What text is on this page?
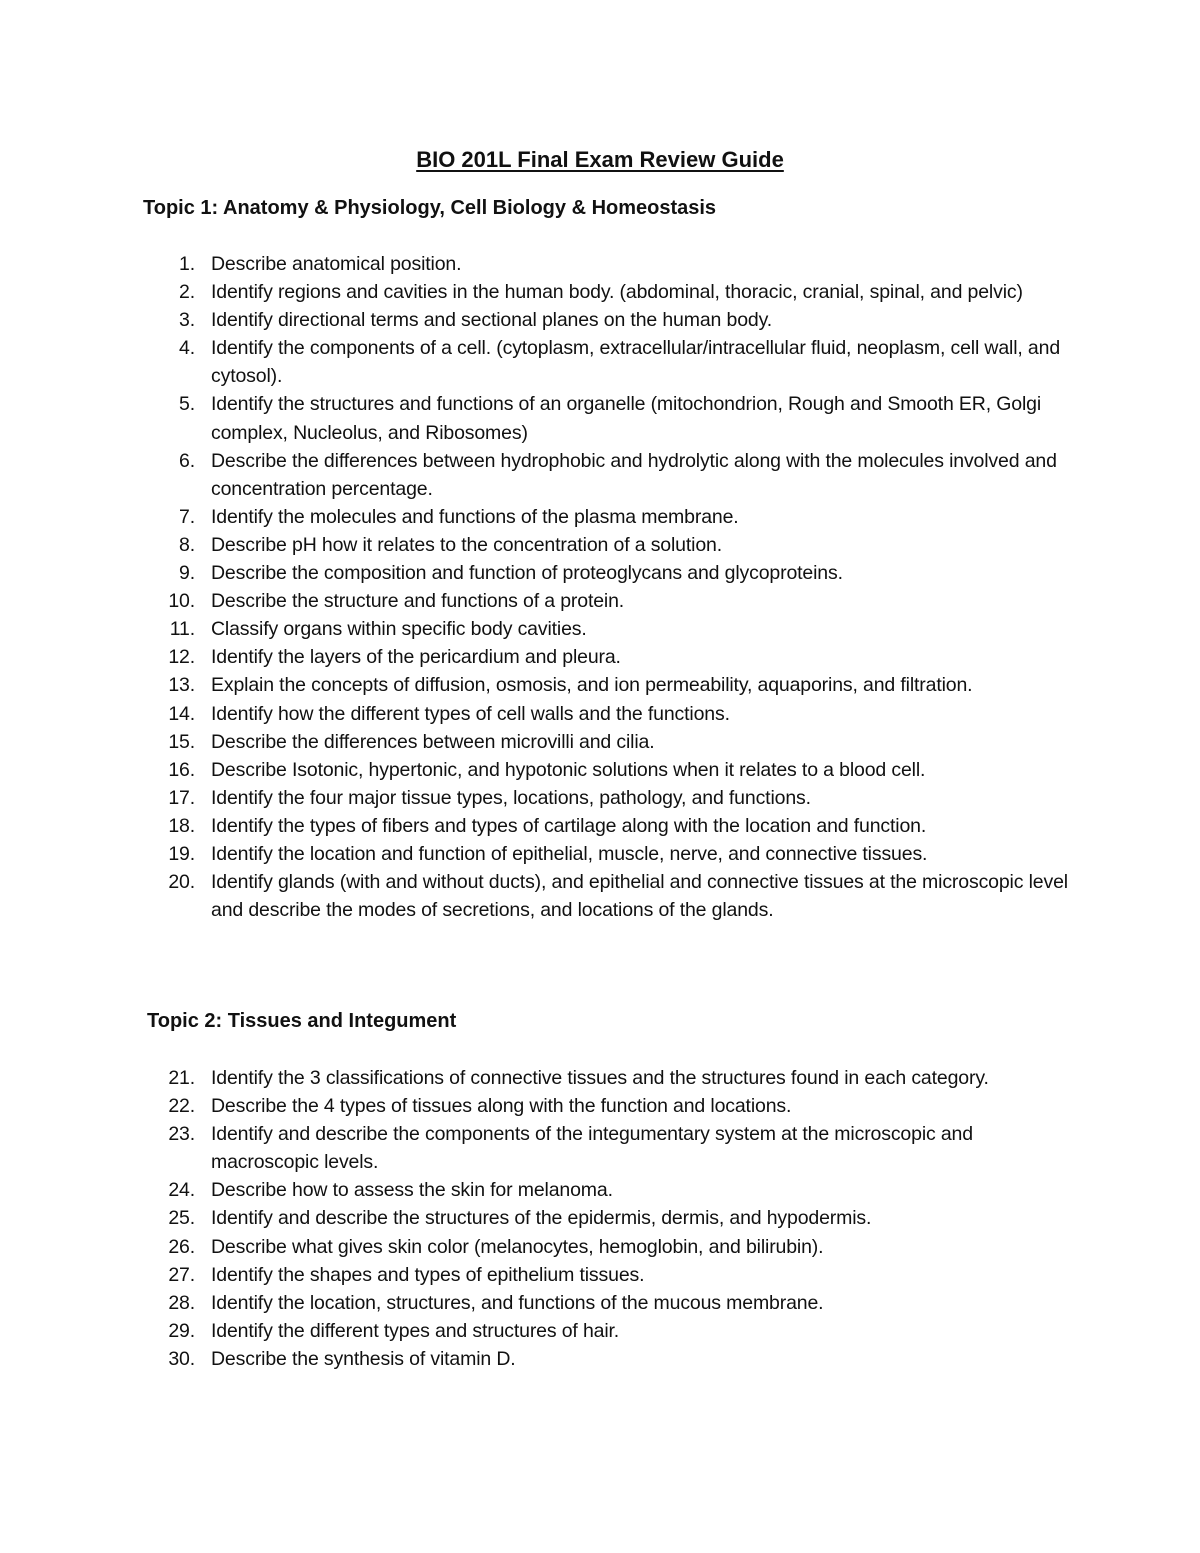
BIO 201L Final Exam Review Guide
Topic 1: Anatomy & Physiology, Cell Biology & Homeostasis
1. Describe anatomical position.
2. Identify regions and cavities in the human body. (abdominal, thoracic, cranial, spinal, and pelvic)
3. Identify directional terms and sectional planes on the human body.
4. Identify the components of a cell. (cytoplasm, extracellular/intracellular fluid, neoplasm, cell wall, and cytosol).
5. Identify the structures and functions of an organelle (mitochondrion, Rough and Smooth ER, Golgi complex, Nucleolus, and Ribosomes)
6. Describe the differences between hydrophobic and hydrolytic along with the molecules involved and concentration percentage.
7. Identify the molecules and functions of the plasma membrane.
8. Describe pH how it relates to the concentration of a solution.
9. Describe the composition and function of proteoglycans and glycoproteins.
10. Describe the structure and functions of a protein.
11. Classify organs within specific body cavities.
12. Identify the layers of the pericardium and pleura.
13. Explain the concepts of diffusion, osmosis, and ion permeability, aquaporins, and filtration.
14. Identify how the different types of cell walls and the functions.
15. Describe the differences between microvilli and cilia.
16. Describe Isotonic, hypertonic, and hypotonic solutions when it relates to a blood cell.
17. Identify the four major tissue types, locations, pathology, and functions.
18. Identify the types of fibers and types of cartilage along with the location and function.
19. Identify the location and function of epithelial, muscle, nerve, and connective tissues.
20. Identify glands (with and without ducts), and epithelial and connective tissues at the microscopic level and describe the modes of secretions, and locations of the glands.
Topic 2: Tissues and Integument
21. Identify the 3 classifications of connective tissues and the structures found in each category.
22. Describe the 4 types of tissues along with the function and locations.
23. Identify and describe the components of the integumentary system at the microscopic and macroscopic levels.
24. Describe how to assess the skin for melanoma.
25. Identify and describe the structures of the epidermis, dermis, and hypodermis.
26. Describe what gives skin color (melanocytes, hemoglobin, and bilirubin).
27. Identify the shapes and types of epithelium tissues.
28. Identify the location, structures, and functions of the mucous membrane.
29. Identify the different types and structures of hair.
30. Describe the synthesis of vitamin D.
